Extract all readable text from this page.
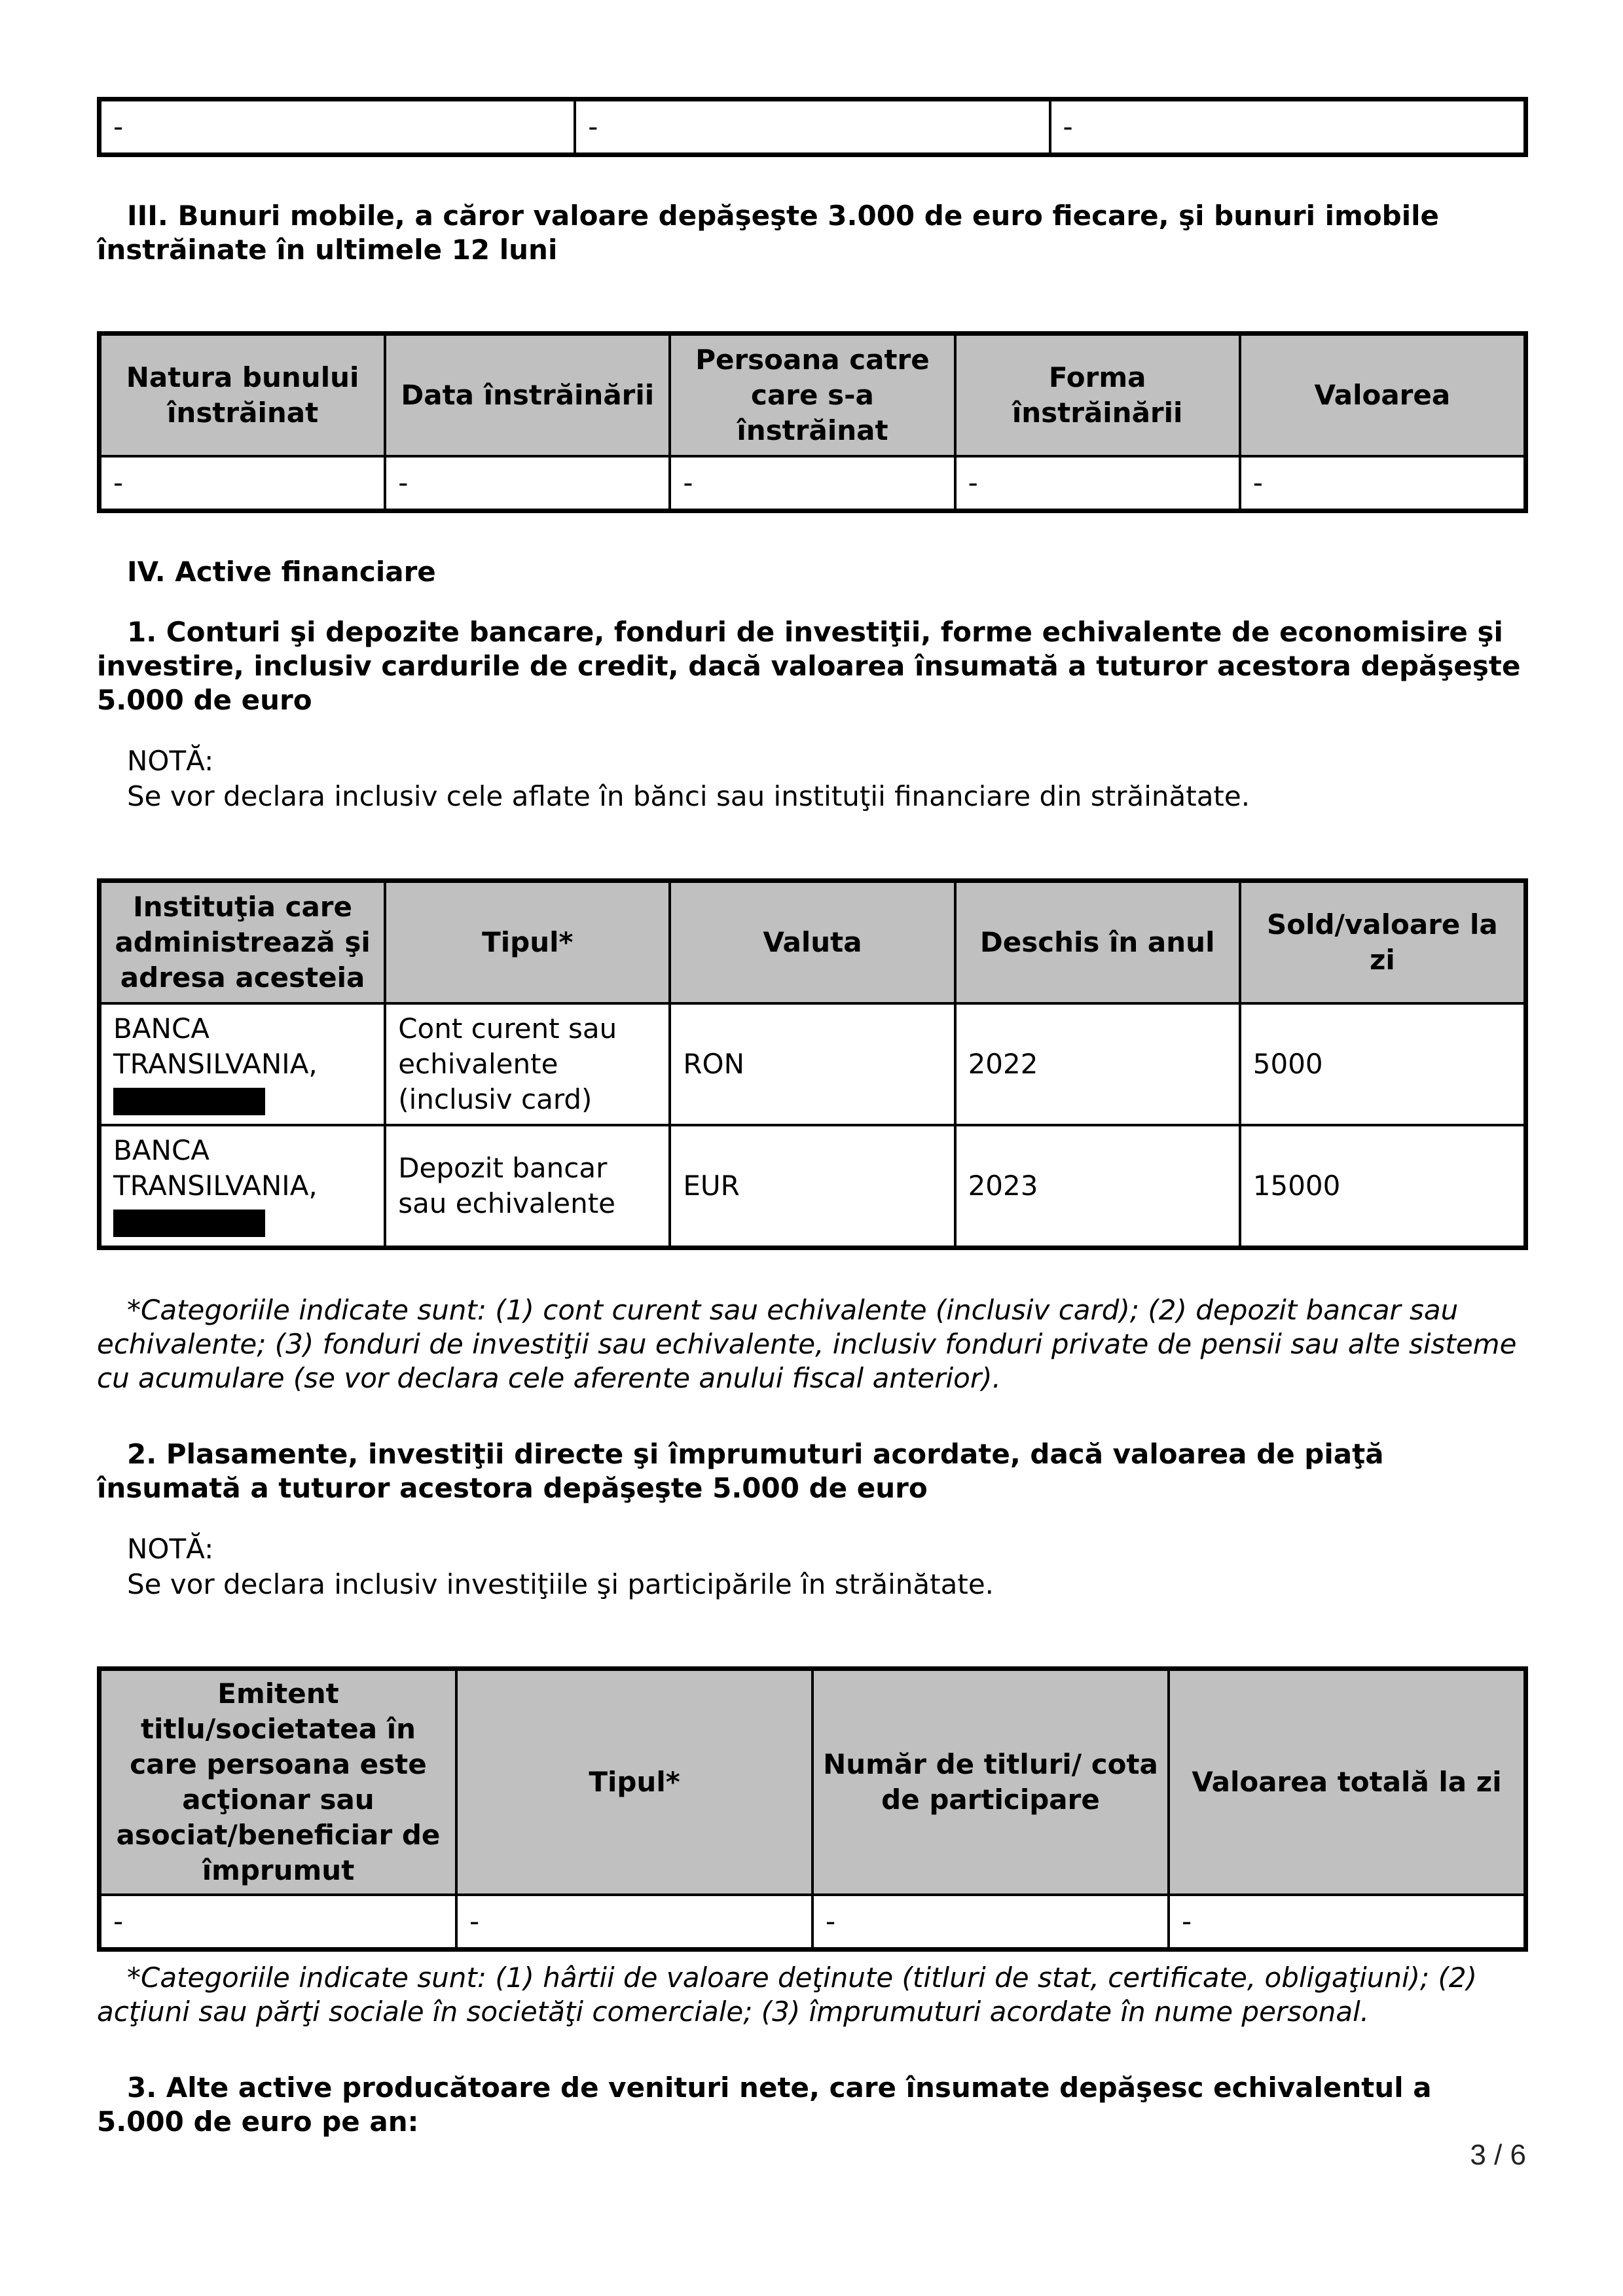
-	-	-

III. Bunuri mobile, a căror valoare depăşeşte 3.000 de euro fiecare, şi bunuri imobile înstrăinate în ultimele 12 luni

Natura bunului înstrăinat	Data înstrăinării	Persoana catre care s-a înstrăinat	Forma înstrăinării	Valoarea
-	-	-	-	-

IV. Active financiare

1. Conturi şi depozite bancare, fonduri de investiţii, forme echivalente de economisire şi investire, inclusiv cardurile de credit, dacă valoarea însumată a tuturor acestora depăşeşte 5.000 de euro

NOTĂ:

Se vor declara inclusiv cele aflate în bănci sau instituţii financiare din străinătate.

Instituţia care administrează şi adresa acesteia	Tipul*	Valuta	Deschis în anul	Sold/valoare la zi
BANCA TRANSILVANIA,	Cont curent sau echivalente (inclusiv card)	RON	2022	5000
BANCA TRANSILVANIA,	Depozit bancar sau echivalente	EUR	2023	15000

*Categoriile indicate sunt: (1) cont curent sau echivalente (inclusiv card); (2) depozit bancar sau echivalente; (3) fonduri de investiţii sau echivalente, inclusiv fonduri private de pensii sau alte sisteme cu acumulare (se vor declara cele aferente anului fiscal anterior).

2. Plasamente, investiţii directe şi împrumuturi acordate, dacă valoarea de piaţă însumată a tuturor acestora depăşeşte 5.000 de euro

NOTĂ:

Se vor declara inclusiv investiţiile şi participările în străinătate.

Emitent titlu/societatea în care persoana este acţionar sau asociat/beneficiar de împrumut	Tipul*	Număr de titluri/ cota de participare	Valoarea totală la zi
-	-	-	-

*Categoriile indicate sunt: (1) hârtii de valoare deţinute (titluri de stat, certificate, obligaţiuni); (2) acţiuni sau părţi sociale în societăţi comerciale; (3) împrumuturi acordate în nume personal.

3. Alte active producătoare de venituri nete, care însumate depăşesc echivalentul a 5.000 de euro pe an:

3 / 6
